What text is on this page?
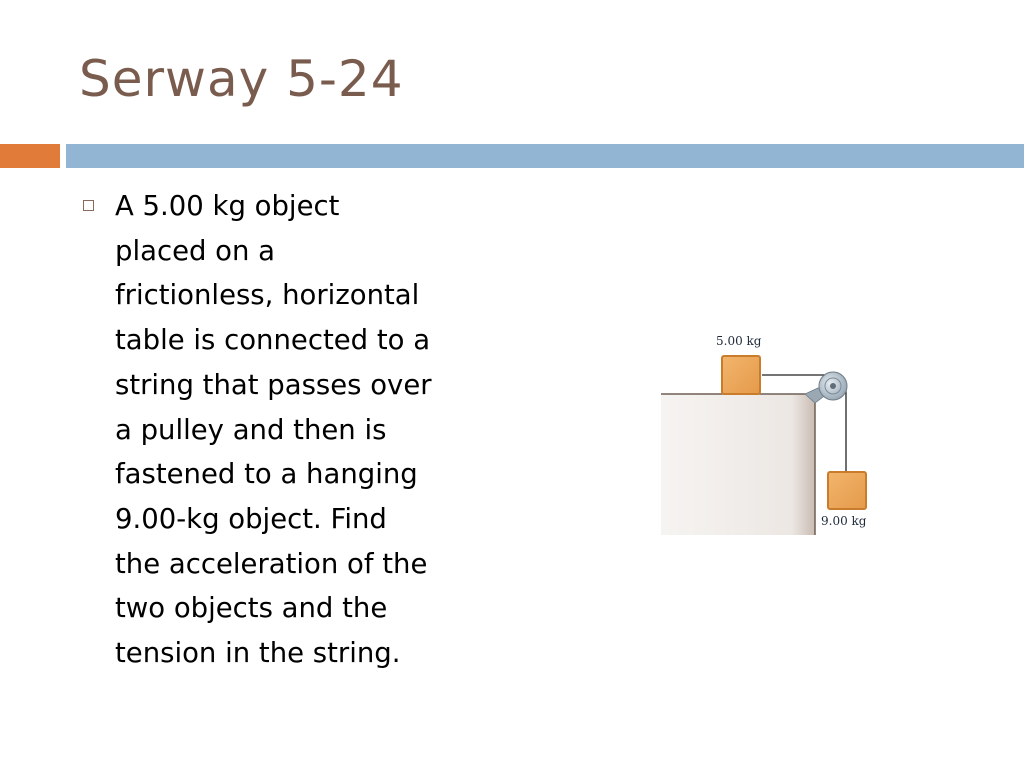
Serway 5-24

A 5.00 kg object
placed on a
frictionless, horizontal
table is connected to a
string that passes over
a pulley and then is
fastened to a hanging
9.00-kg object. Find
the acceleration of the
two objects and the
tension in the string.

5.00 kg
9.00 kg
